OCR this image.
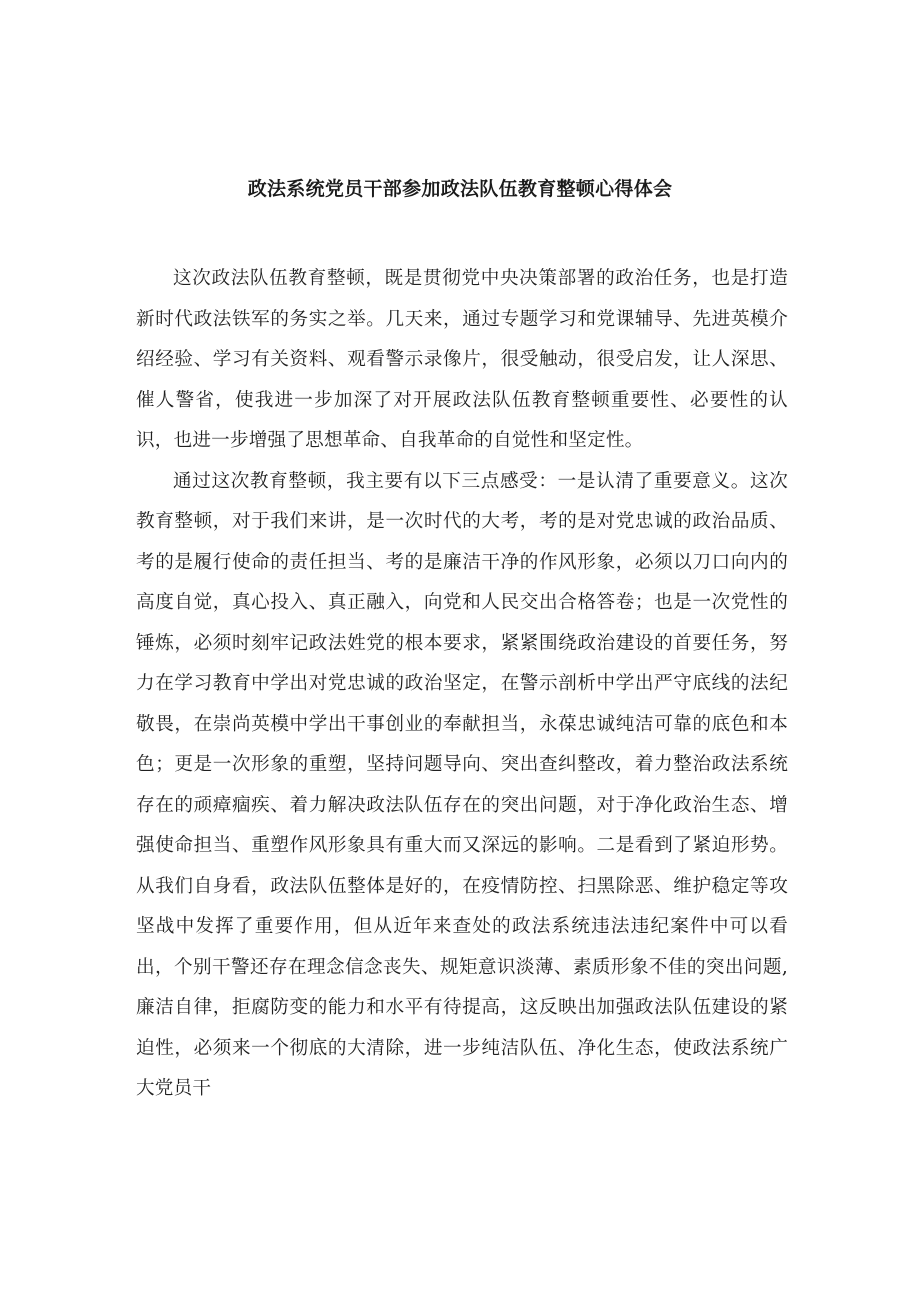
政法系统党员干部参加政法队伍教育整顿心得体会

这次政法队伍教育整顿，既是贯彻党中央决策部署的政治任务，也是打造新时代政法铁军的务实之举。几天来，通过专题学习和党课辅导、先进英模介绍经验、学习有关资料、观看警示录像片，很受触动，很受启发，让人深思、催人警省，使我进一步加深了对开展政法队伍教育整顿重要性、必要性的认识，也进一步增强了思想革命、自我革命的自觉性和坚定性。

通过这次教育整顿，我主要有以下三点感受：一是认清了重要意义。这次教育整顿，对于我们来讲，是一次时代的大考，考的是对党忠诚的政治品质、考的是履行使命的责任担当、考的是廉洁干净的作风形象，必须以刀口向内的高度自觉，真心投入、真正融入，向党和人民交出合格答卷；也是一次党性的锤炼，必须时刻牢记政法姓党的根本要求，紧紧围绕政治建设的首要任务，努力在学习教育中学出对党忠诚的政治坚定，在警示剖析中学出严守底线的法纪敬畏，在崇尚英模中学出干事创业的奉献担当，永葆忠诚纯洁可靠的底色和本色；更是一次形象的重塑，坚持问题导向、突出查纠整改，着力整治政法系统存在的顽瘴痼疾、着力解决政法队伍存在的突出问题，对于净化政治生态、增强使命担当、重塑作风形象具有重大而又深远的影响。二是看到了紧迫形势。从我们自身看，政法队伍整体是好的，在疫情防控、扫黑除恶、维护稳定等攻坚战中发挥了重要作用，但从近年来查处的政法系统违法违纪案件中可以看出，个别干警还存在理念信念丧失、规矩意识淡薄、素质形象不佳的突出问题,廉洁自律，拒腐防变的能力和水平有待提高，这反映出加强政法队伍建设的紧迫性，必须来一个彻底的大清除，进一步纯洁队伍、净化生态，使政法系统广大党员干
